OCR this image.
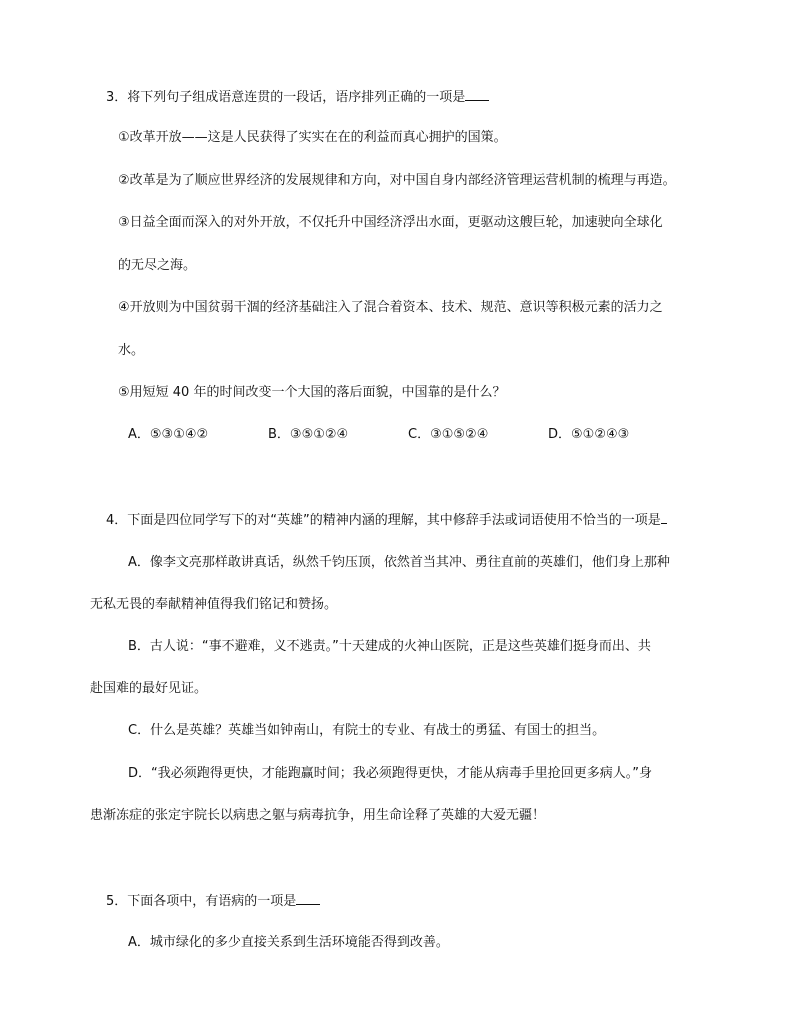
3．将下列句子组成语意连贯的一段话，语序排列正确的一项是
①改革开放——这是人民获得了实实在在的利益而真心拥护的国策。
②改革是为了顺应世界经济的发展规律和方向，对中国自身内部经济管理运营机制的梳理与再造。
③日益全面而深入的对外开放，不仅托升中国经济浮出水面，更驱动这艘巨轮，加速驶向全球化
的无尽之海。
④开放则为中国贫弱干涸的经济基础注入了混合着资本、技术、规范、意识等积极元素的活力之
水。
⑤用短短 40 年的时间改变一个大国的落后面貌，中国靠的是什么？
A．⑤③①④②	B．③⑤①②④	C．③①⑤②④	D．⑤①②④③
4．下面是四位同学写下的对“英雄”的精神内涵的理解，其中修辞手法或词语使用不恰当的一项是
A．像李文亮那样敢讲真话，纵然千钧压顶，依然首当其冲、勇往直前的英雄们，他们身上那种
无私无畏的奉献精神值得我们铭记和赞扬。
B．古人说：“事不避难，义不逃责。”十天建成的火神山医院，正是这些英雄们挺身而出、共
赴国难的最好见证。
C．什么是英雄？英雄当如钟南山，有院士的专业、有战士的勇猛、有国士的担当。
D．“我必须跑得更快，才能跑赢时间；我必须跑得更快，才能从病毒手里抢回更多病人。”身
患渐冻症的张定宇院长以病患之躯与病毒抗争，用生命诠释了英雄的大爱无疆！
5．下面各项中，有语病的一项是
A．城市绿化的多少直接关系到生活环境能否得到改善。
